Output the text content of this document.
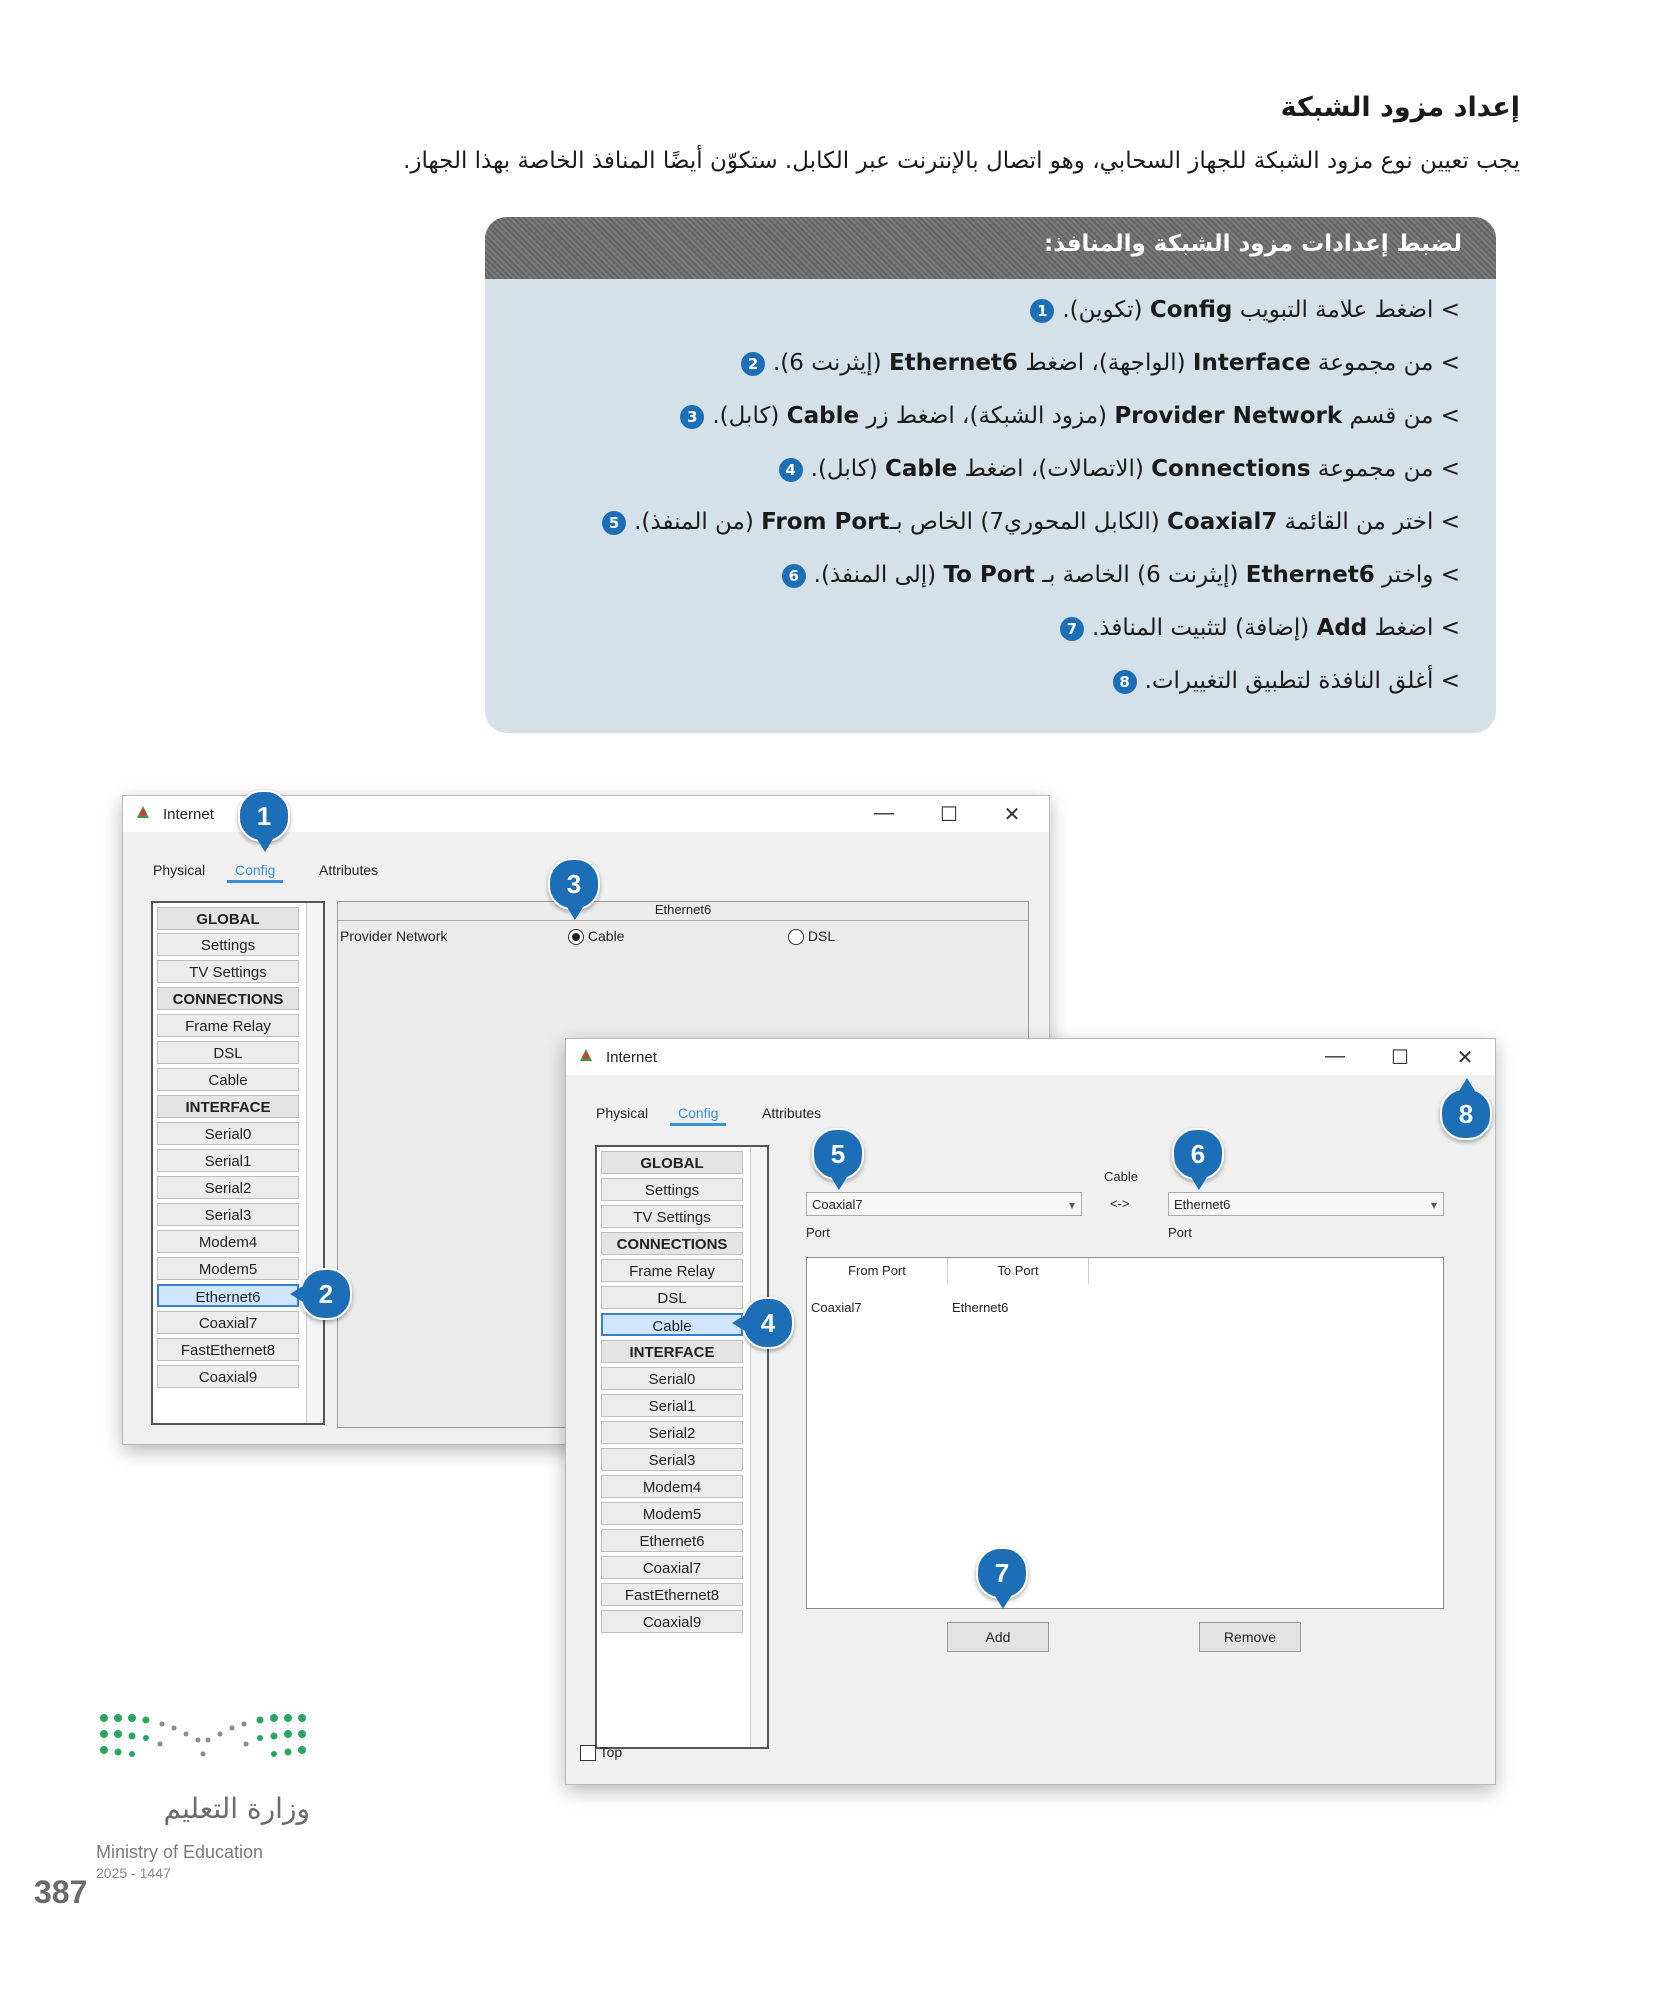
إعداد مزود الشبكة
يجب تعيين نوع مزود الشبكة للجهاز السحابي، وهو اتصال بالإنترنت عبر الكابل. ستكوّن أيضًا المنافذ الخاصة بهذا الجهاز.
لضبط إعدادات مزود الشبكة والمنافذ:
> اضغط علامة التبويب Config (تكوين).1
> من مجموعة Interface (الواجهة)، اضغط Ethernet6 (إيثرنت 6).2
> من قسم Provider Network (مزود الشبكة)، اضغط زر Cable (كابل).3
> من مجموعة Connections (الاتصالات)، اضغط Cable (كابل).4
> اختر من القائمة Coaxial7 (الكابل المحوري7) الخاص بـFrom Port (من المنفذ).5
> واختر Ethernet6 (إيثرنت 6) الخاصة بـ To Port (إلى المنفذ).6
> اضغط Add (إضافة) لتثبيت المنافذ.7
> أغلق النافذة لتطبيق التغييرات.8
Internet	—	☐	✕
Physical	Config	Attributes
GLOBAL
Settings
TV Settings
CONNECTIONS
Frame Relay
DSL
Cable
INTERFACE
Serial0
Serial1
Serial2
Serial3
Modem4
Modem5
Ethernet6
Coaxial7
FastEthernet8
Coaxial9
Ethernet6
Provider Network	Cable	DSL
Internet	—	☐	✕
Physical	Config	Attributes
GLOBAL
Settings
TV Settings
CONNECTIONS
Frame Relay
DSL
Cable
INTERFACE
Serial0
Serial1
Serial2
Serial3
Modem4
Modem5
Ethernet6
Coaxial7
FastEthernet8
Coaxial9
Cable
<->
Coaxial7	▾	Ethernet6	▾
Port	Port
From Port	To Port
Coaxial7	Ethernet6
Add	Remove
Top
1
2
3
4
5	6
7
8
وزارة التعليم
Ministry of Education
2025 - 1447
387
